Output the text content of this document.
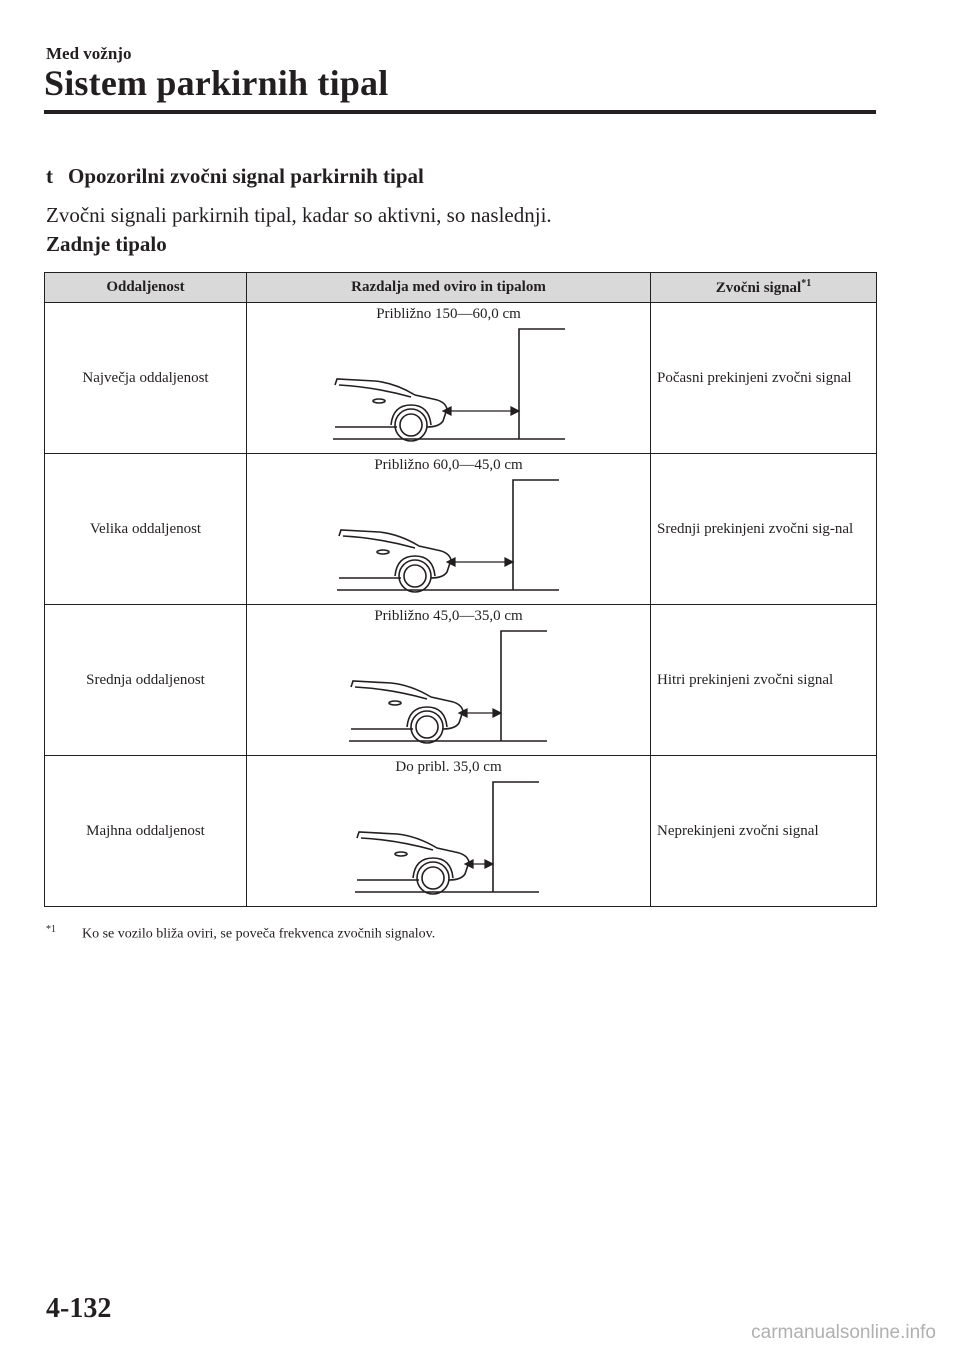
Med vožnjo
Sistem parkirnih tipal
t Opozorilni zvočni signal parkirnih tipal
Zvočni signali parkirnih tipal, kadar so aktivni, so naslednji.
Zadnje tipalo
Oddaljenost	Razdalja med oviro in tipalom	Zvočni signal$^{*1}$
Največja oddaljenost	Približno 150—60,0 cm	Počasni prekinjeni zvočni signal
Velika oddaljenost	Približno 60,0—45,0 cm	Srednji prekinjeni zvočni sig-nal
Srednja oddaljenost	Približno 45,0—35,0 cm	Hitri prekinjeni zvočni signal
Majhna oddaljenost	Do pribl. 35,0 cm	Neprekinjeni zvočni signal
$^{*1}$ Ko se vozilo bliža oviri, se poveča frekvenca zvočnih signalov.
4-132
carmanualsonline.info
